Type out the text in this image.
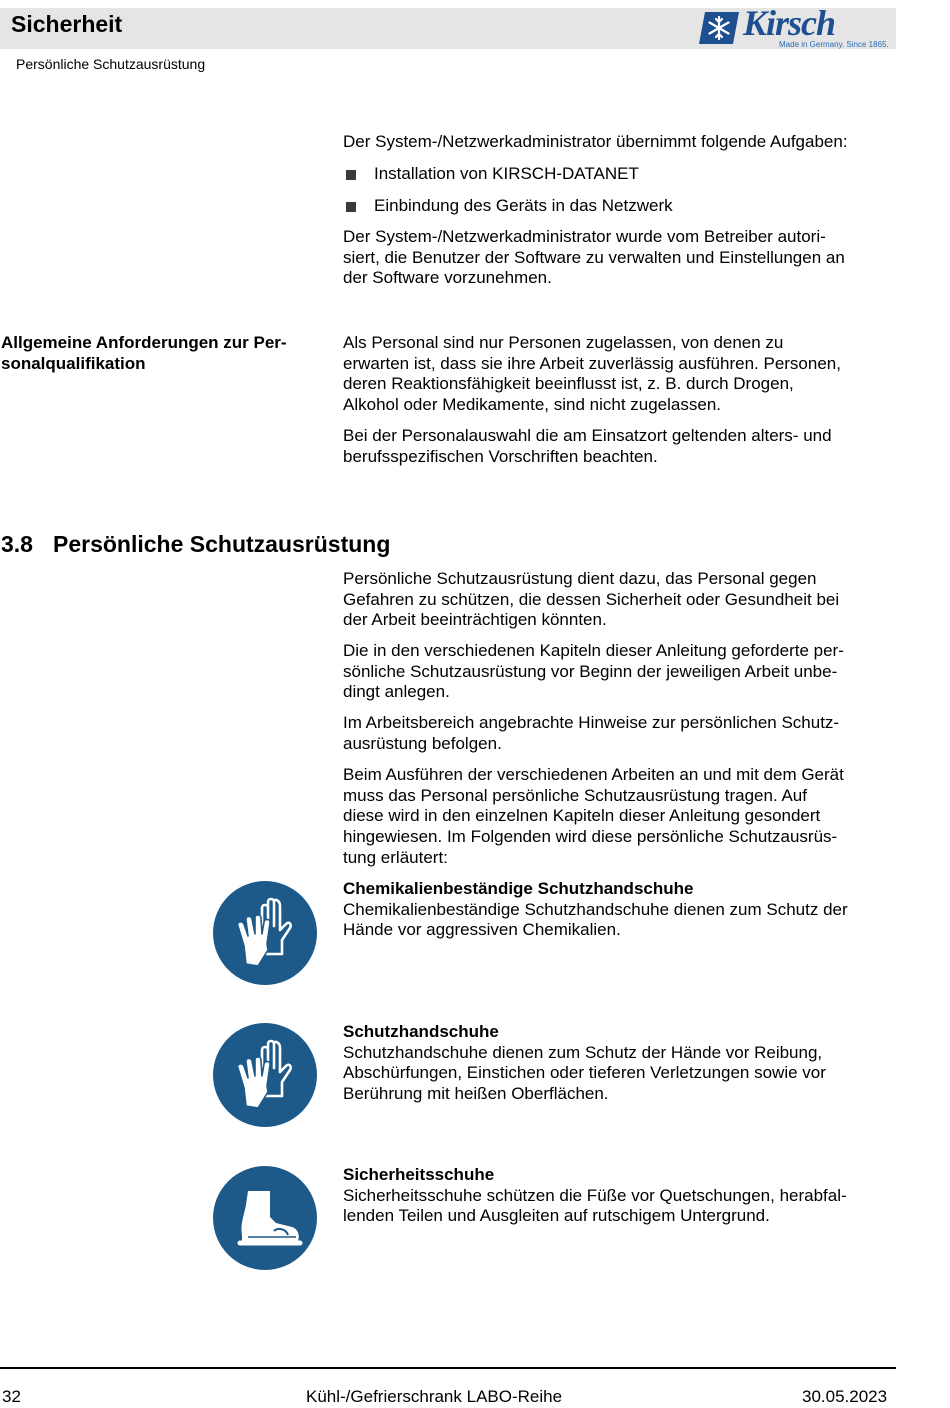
Sicherheit	Kirsch
Made in Germany. Since 1865.
Persönliche Schutzausrüstung

Der System-/Netzwerkadministrator übernimmt folgende Aufgaben:

Installation von KIRSCH-DATANET
Einbindung des Geräts in das Netzwerk

Der System-/Netzwerkadministrator wurde vom Betreiber autori-
siert, die Benutzer der Software zu verwalten und Einstellungen an
der Software vorzunehmen.

Allgemeine Anforderungen zur Per-
sonalqualifikation

Als Personal sind nur Personen zugelassen, von denen zu
erwarten ist, dass sie ihre Arbeit zuverlässig ausführen. Personen,
deren Reaktionsfähigkeit beeinflusst ist, z. B. durch Drogen,
Alkohol oder Medikamente, sind nicht zugelassen.

Bei der Personalauswahl die am Einsatzort geltenden alters- und
berufsspezifischen Vorschriften beachten.

3.8 Persönliche Schutzausrüstung

Persönliche Schutzausrüstung dient dazu, das Personal gegen
Gefahren zu schützen, die dessen Sicherheit oder Gesundheit bei
der Arbeit beeinträchtigen könnten.

Die in den verschiedenen Kapiteln dieser Anleitung geforderte per-
sönliche Schutzausrüstung vor Beginn der jeweiligen Arbeit unbe-
dingt anlegen.

Im Arbeitsbereich angebrachte Hinweise zur persönlichen Schutz-
ausrüstung befolgen.

Beim Ausführen der verschiedenen Arbeiten an und mit dem Gerät
muss das Personal persönliche Schutzausrüstung tragen. Auf
diese wird in den einzelnen Kapiteln dieser Anleitung gesondert
hingewiesen. Im Folgenden wird diese persönliche Schutzausrüs-
tung erläutert:

Chemikalienbeständige Schutzhandschuhe
Chemikalienbeständige Schutzhandschuhe dienen zum Schutz der
Hände vor aggressiven Chemikalien.

Schutzhandschuhe
Schutzhandschuhe dienen zum Schutz der Hände vor Reibung,
Abschürfungen, Einstichen oder tieferen Verletzungen sowie vor
Berührung mit heißen Oberflächen.

Sicherheitsschuhe
Sicherheitsschuhe schützen die Füße vor Quetschungen, herabfal-
lenden Teilen und Ausgleiten auf rutschigem Untergrund.

32	Kühl-/Gefrierschrank LABO-Reihe	30.05.2023
